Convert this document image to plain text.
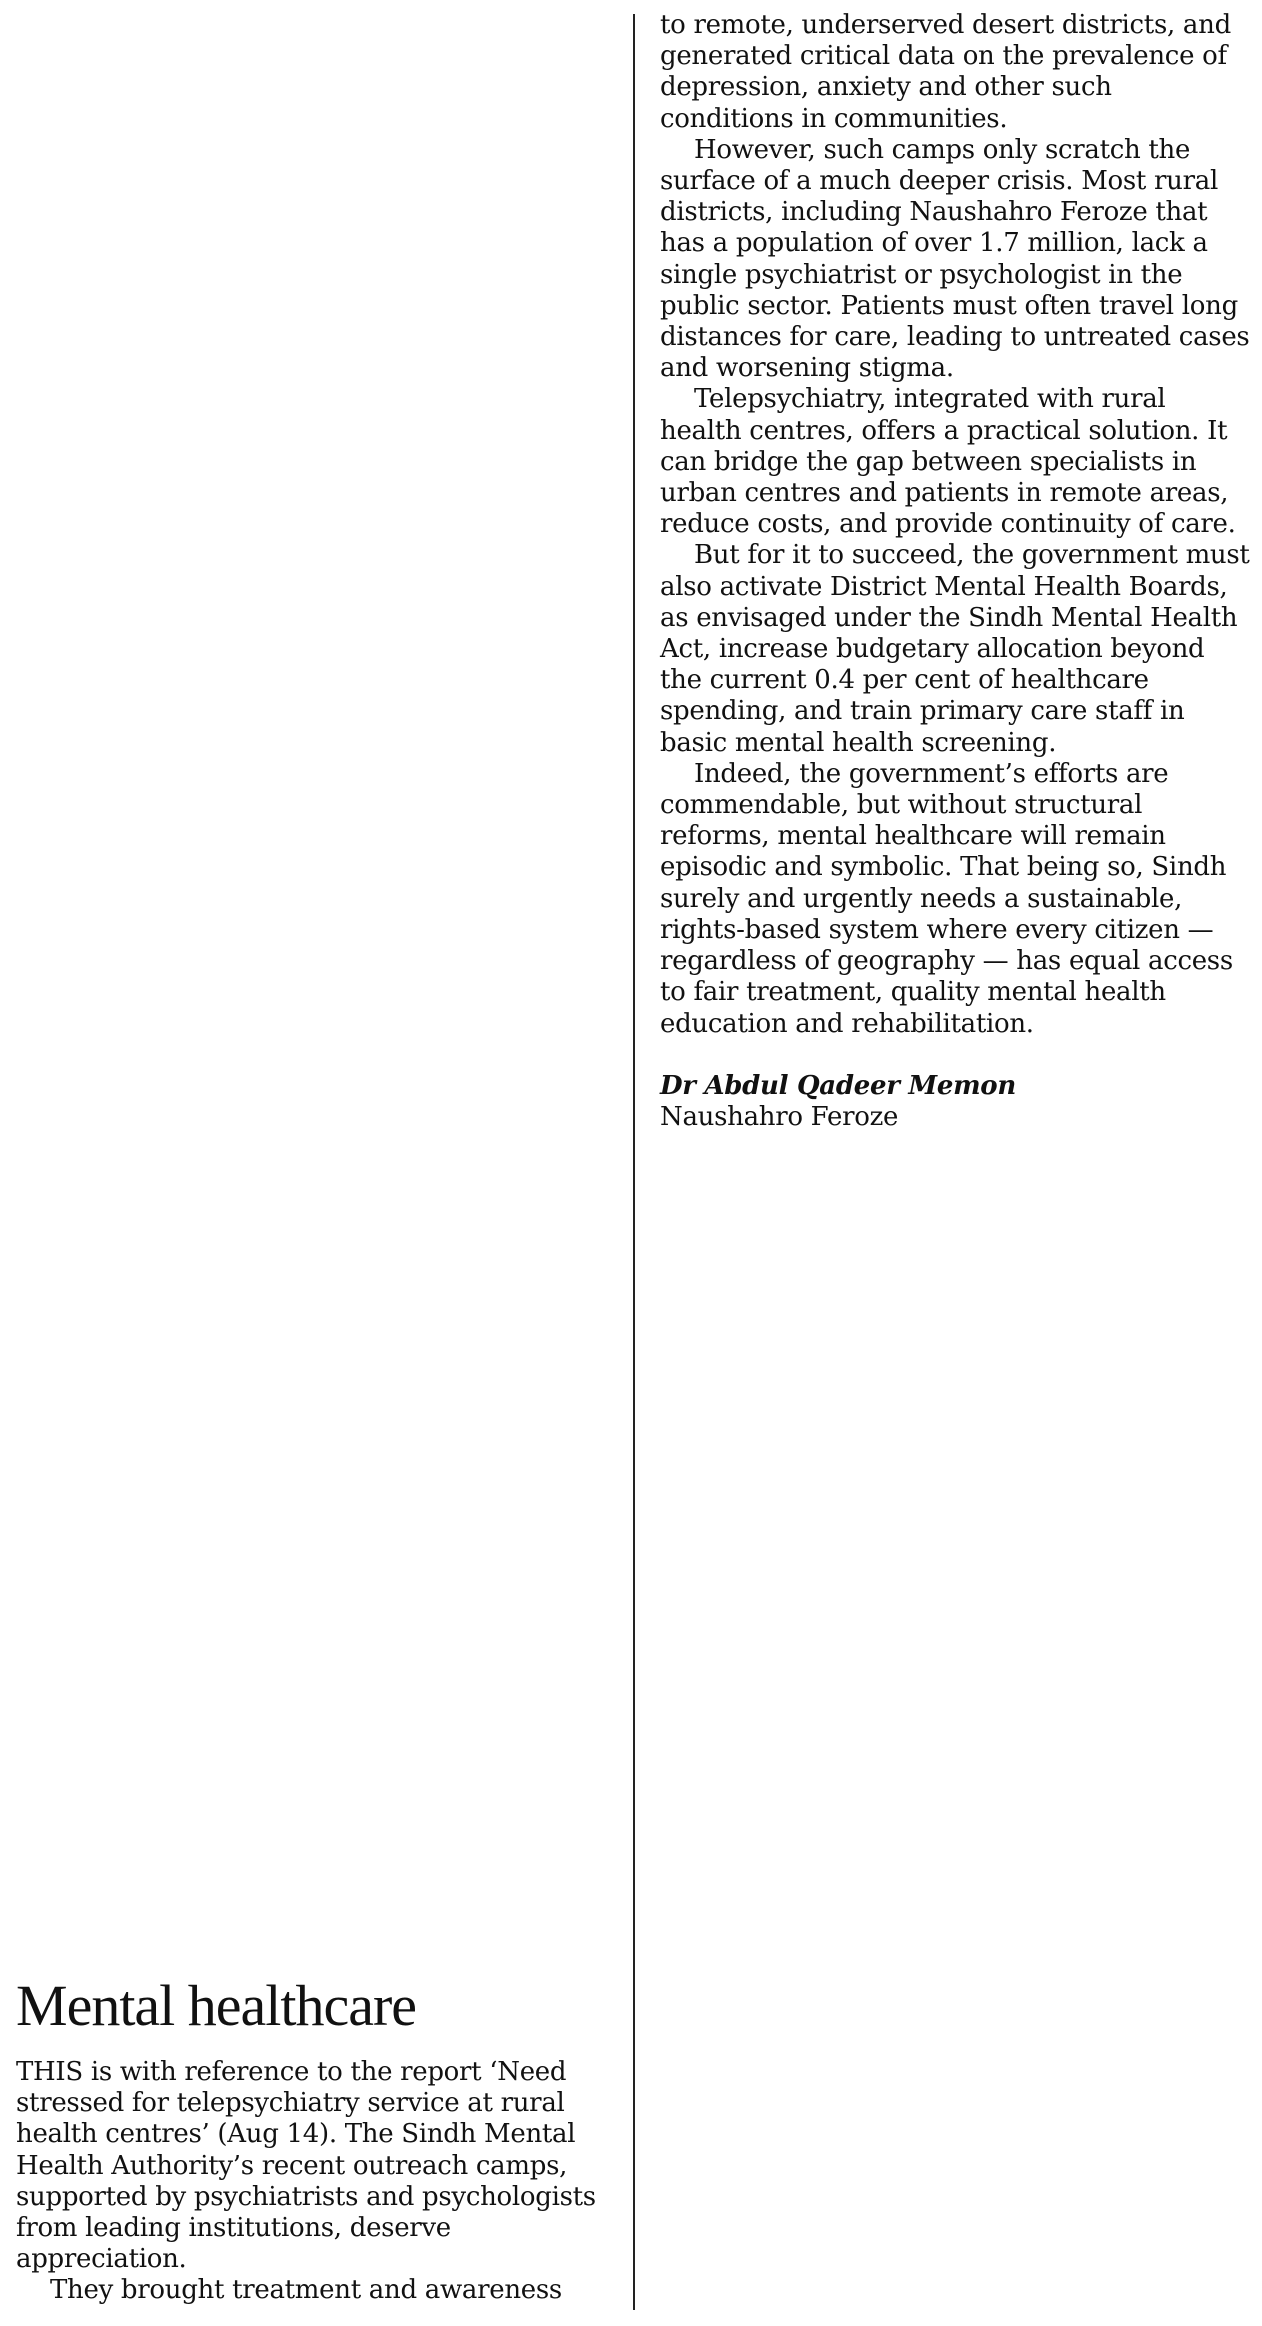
to remote, underserved desert districts, and generated critical data on the prevalence of depression, anxiety and other such conditions in communities.

However, such camps only scratch the surface of a much deeper crisis. Most rural districts, including Naushahro Feroze that has a population of over 1.7 million, lack a single psychiatrist or psychologist in the public sector. Patients must often travel long distances for care, leading to untreated cases and worsening stigma.

Telepsychiatry, integrated with rural health centres, offers a practical solution. It can bridge the gap between specialists in urban centres and patients in remote areas, reduce costs, and provide continuity of care.

But for it to succeed, the government must also activate District Mental Health Boards, as envisaged under the Sindh Mental Health Act, increase budgetary allocation beyond the current 0.4 per cent of healthcare spending, and train primary care staff in basic mental health screening.

Indeed, the government’s efforts are commendable, but without structural reforms, mental healthcare will remain episodic and symbolic. That being so, Sindh surely and urgently needs a sustainable, rights-based system where every citizen — regardless of geography — has equal access to fair treatment, quality mental health education and rehabilitation.

Dr Abdul Qadeer Memon
Naushahro Feroze
Mental healthcare

THIS is with reference to the report ‘Need stressed for telepsychiatry service at rural health centres’ (Aug 14). The Sindh Mental Health Authority’s recent outreach camps, supported by psychiatrists and psychologists from leading institutions, deserve appreciation.

They brought treatment and awareness
